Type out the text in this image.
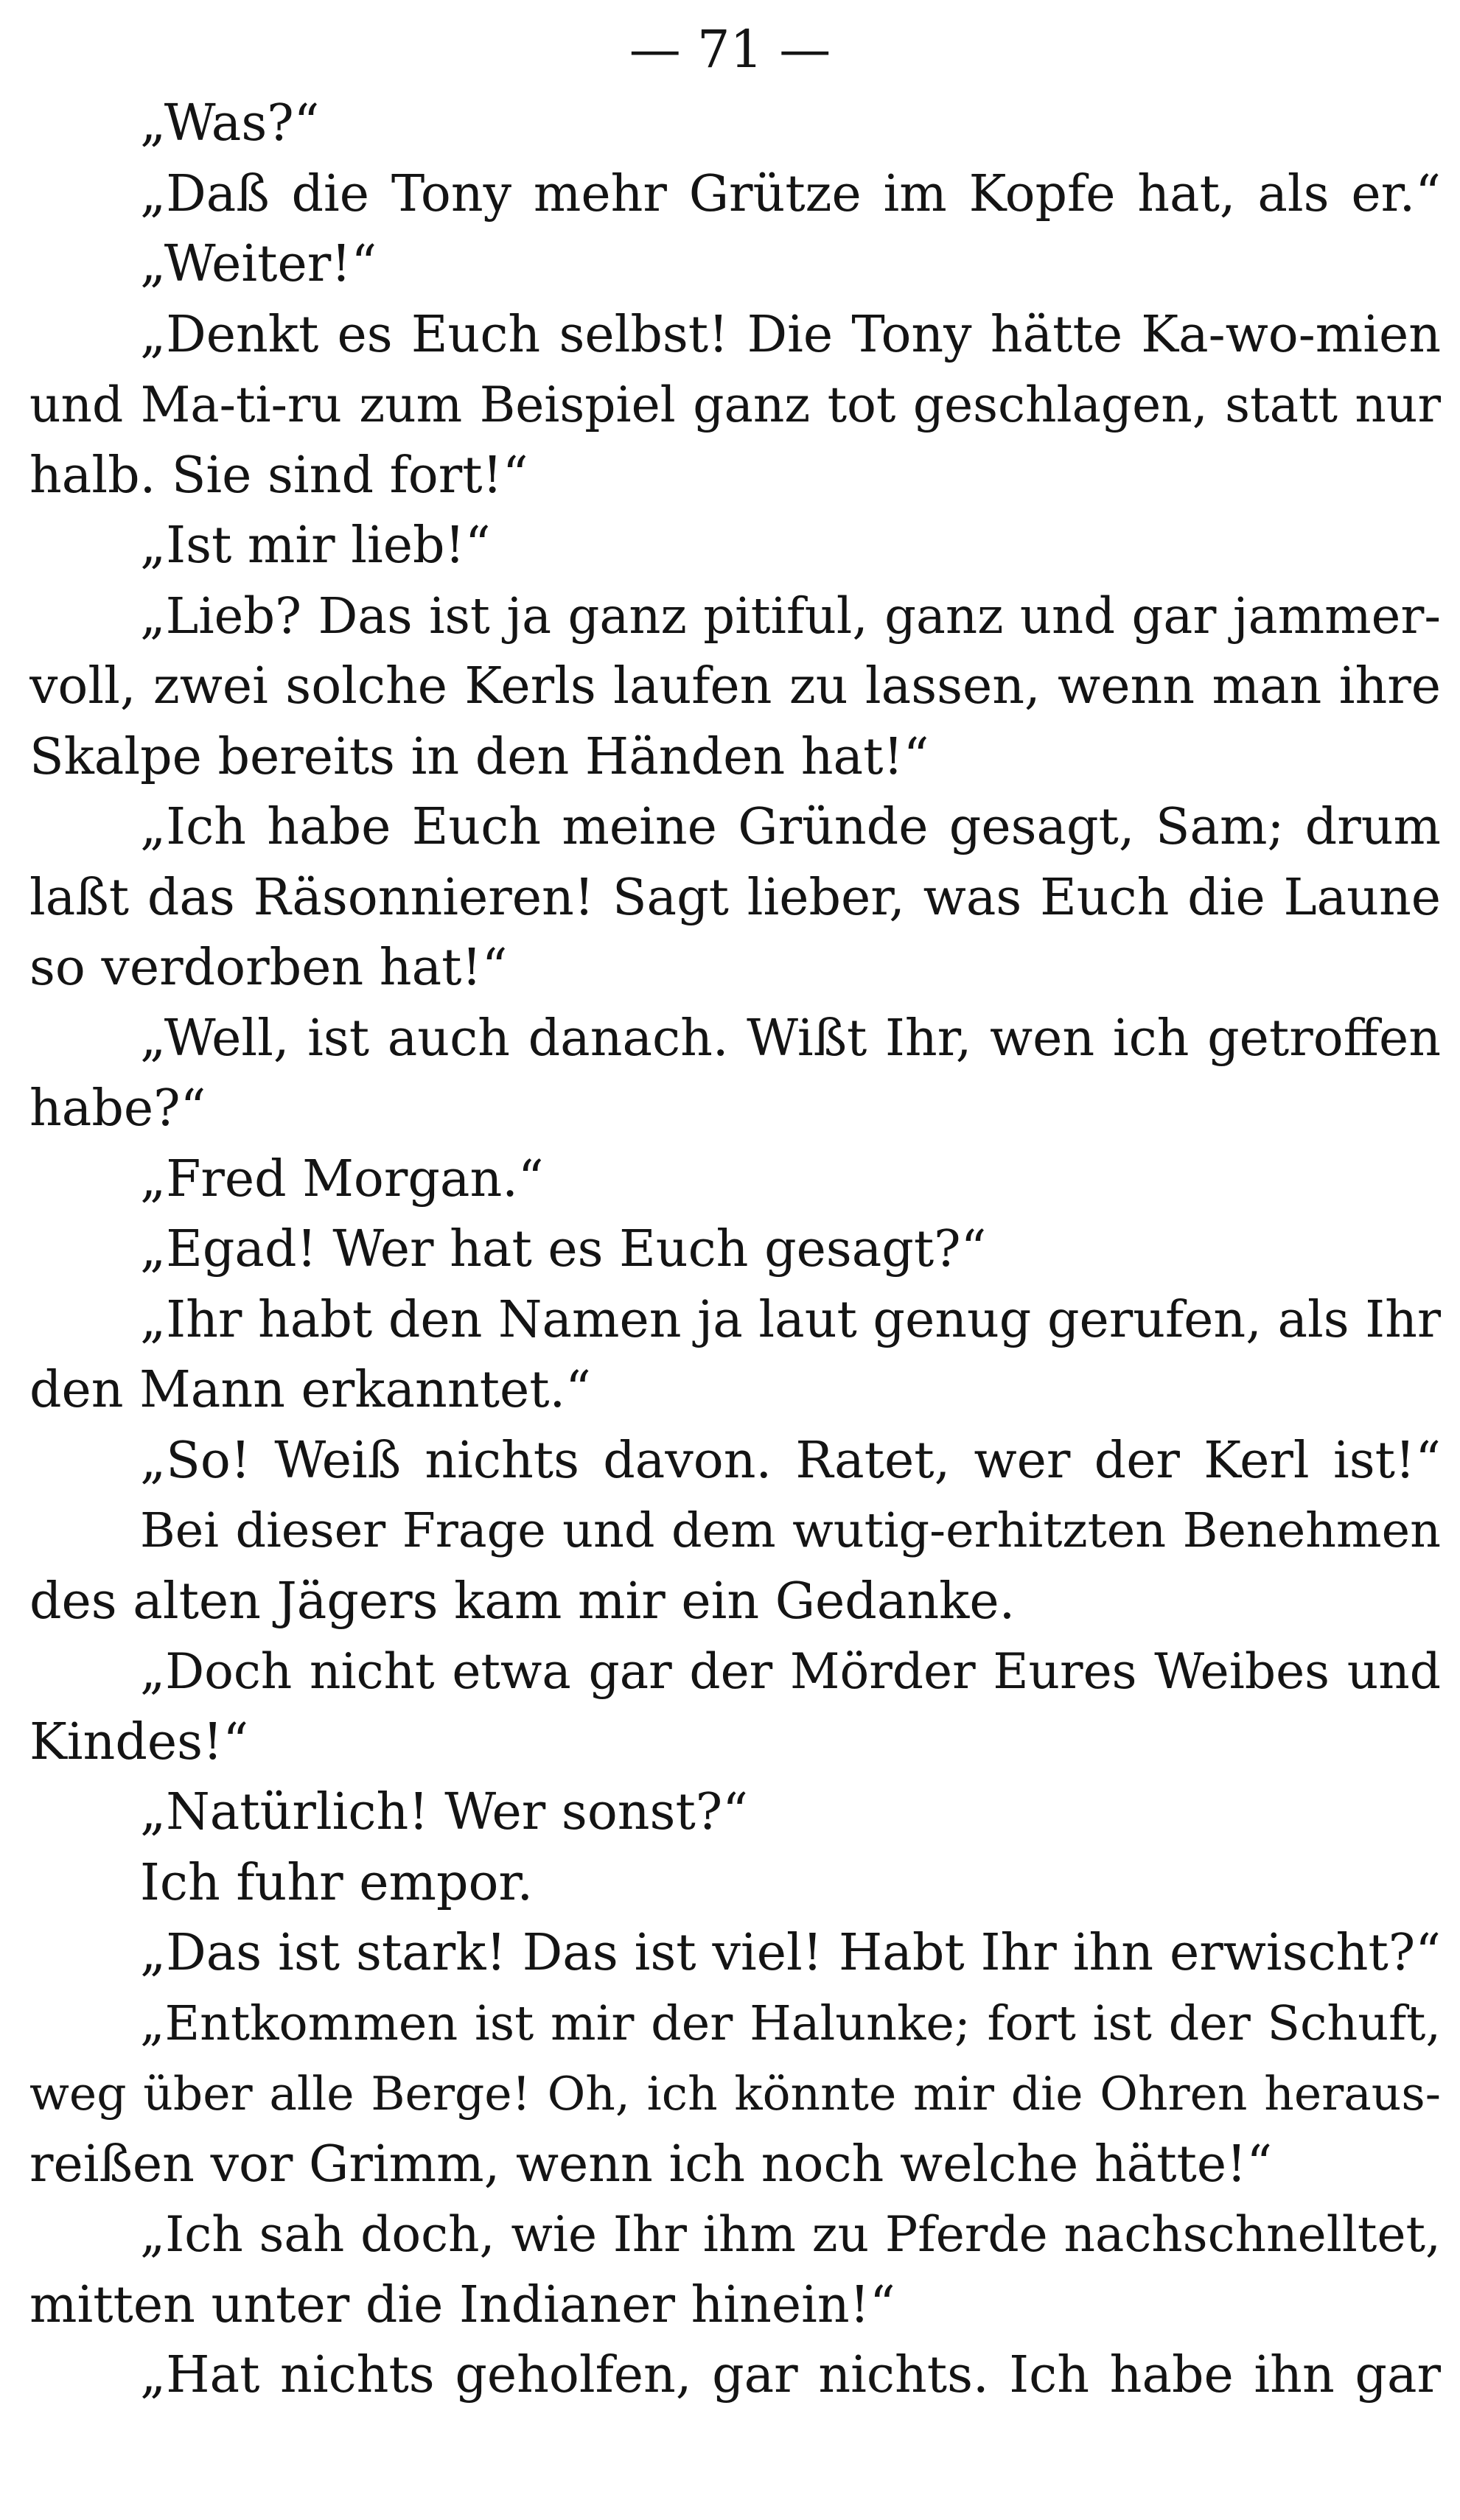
— 71 —
„Was?“
„Daß die Tony mehr Grütze im Kopfe hat, als er.“
„Weiter!“
„Denkt es Euch selbst! Die Tony hätte Ka-wo-mien
und Ma-ti-ru zum Beispiel ganz tot geschlagen, statt nur
halb. Sie sind fort!“
„Ist mir lieb!“
„Lieb? Das ist ja ganz pitiful, ganz und gar jammer-
voll, zwei solche Kerls laufen zu lassen, wenn man ihre
Skalpe bereits in den Händen hat!“
„Ich habe Euch meine Gründe gesagt, Sam; drum
laßt das Räsonnieren! Sagt lieber, was Euch die Laune
so verdorben hat!“
„Well, ist auch danach. Wißt Ihr, wen ich getroffen
habe?“
„Fred Morgan.“
„Egad! Wer hat es Euch gesagt?“
„Ihr habt den Namen ja laut genug gerufen, als Ihr
den Mann erkanntet.“
„So! Weiß nichts davon. Ratet, wer der Kerl ist!“
Bei dieser Frage und dem wutig-erhitzten Benehmen
des alten Jägers kam mir ein Gedanke.
„Doch nicht etwa gar der Mörder Eures Weibes und
Kindes!“
„Natürlich! Wer sonst?“
Ich fuhr empor.
„Das ist stark! Das ist viel! Habt Ihr ihn erwischt?“
„Entkommen ist mir der Halunke; fort ist der Schuft,
weg über alle Berge! Oh, ich könnte mir die Ohren heraus-
reißen vor Grimm, wenn ich noch welche hätte!“
„Ich sah doch, wie Ihr ihm zu Pferde nachschnelltet,
mitten unter die Indianer hinein!“
„Hat nichts geholfen, gar nichts. Ich habe ihn gar
